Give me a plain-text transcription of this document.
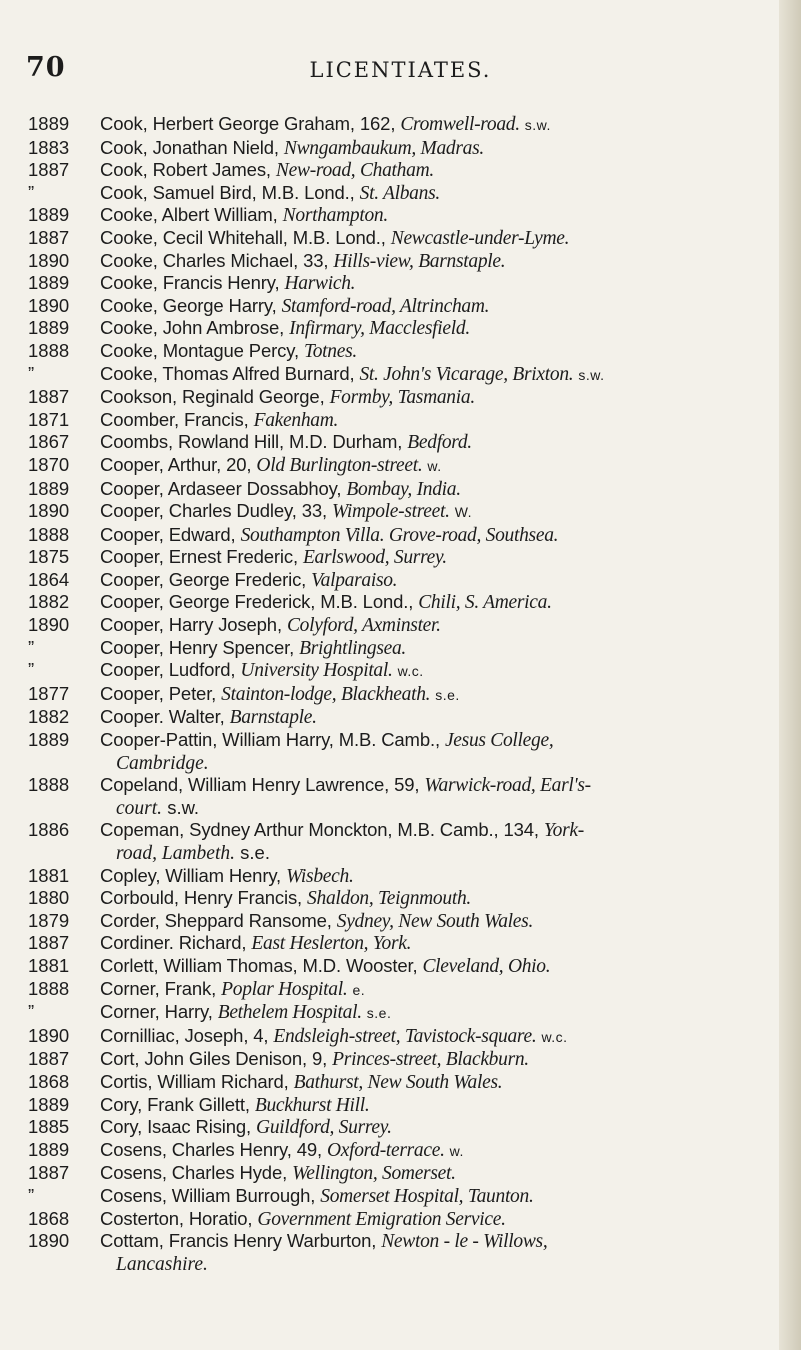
70	LICENTIATES.
1889	Cook, Herbert George Graham, 162, Cromwell-road. s.w.
1883	Cook, Jonathan Nield, Nwngambaukum, Madras.
1887	Cook, Robert James, New-road, Chatham.
”	Cook, Samuel Bird, M.B. Lond., St. Albans.
1889	Cooke, Albert William, Northampton.
1887	Cooke, Cecil Whitehall, M.B. Lond., Newcastle-under-Lyme.
1890	Cooke, Charles Michael, 33, Hills-view, Barnstaple.
1889	Cooke, Francis Henry, Harwich.
1890	Cooke, George Harry, Stamford-road, Altrincham.
1889	Cooke, John Ambrose, Infirmary, Macclesfield.
1888	Cooke, Montague Percy, Totnes.
”	Cooke, Thomas Alfred Burnard, St. John's Vicarage, Brixton. s.w.
1887	Cookson, Reginald George, Formby, Tasmania.
1871	Coomber, Francis, Fakenham.
1867	Coombs, Rowland Hill, M.D. Durham, Bedford.
1870	Cooper, Arthur, 20, Old Burlington-street. w.
1889	Cooper, Ardaseer Dossabhoy, Bombay, India.
1890	Cooper, Charles Dudley, 33, Wimpole-street. W.
1888	Cooper, Edward, Southampton Villa. Grove-road, Southsea.
1875	Cooper, Ernest Frederic, Earlswood, Surrey.
1864	Cooper, George Frederic, Valparaiso.
1882	Cooper, George Frederick, M.B. Lond., Chili, S. America.
1890	Cooper, Harry Joseph, Colyford, Axminster.
”	Cooper, Henry Spencer, Brightlingsea.
”	Cooper, Ludford, University Hospital. w.c.
1877	Cooper, Peter, Stainton-lodge, Blackheath. s.e.
1882	Cooper. Walter, Barnstaple.
1889	Cooper-Pattin, William Harry, M.B. Camb., Jesus College,
Cambridge.
1888	Copeland, William Henry Lawrence, 59, Warwick-road, Earl's-
court. s.w.
1886	Copeman, Sydney Arthur Monckton, M.B. Camb., 134, York-
road, Lambeth. s.e.
1881	Copley, William Henry, Wisbech.
1880	Corbould, Henry Francis, Shaldon, Teignmouth.
1879	Corder, Sheppard Ransome, Sydney, New South Wales.
1887	Cordiner. Richard, East Heslerton, York.
1881	Corlett, William Thomas, M.D. Wooster, Cleveland, Ohio.
1888	Corner, Frank, Poplar Hospital. e.
”	Corner, Harry, Bethelem Hospital. s.e.
1890	Cornilliac, Joseph, 4, Endsleigh-street, Tavistock-square. w.c.
1887	Cort, John Giles Denison, 9, Princes-street, Blackburn.
1868	Cortis, William Richard, Bathurst, New South Wales.
1889	Cory, Frank Gillett, Buckhurst Hill.
1885	Cory, Isaac Rising, Guildford, Surrey.
1889	Cosens, Charles Henry, 49, Oxford-terrace. w.
1887	Cosens, Charles Hyde, Wellington, Somerset.
”	Cosens, William Burrough, Somerset Hospital, Taunton.
1868	Costerton, Horatio, Government Emigration Service.
1890	Cottam, Francis Henry Warburton, Newton - le - Willows,
Lancashire.
